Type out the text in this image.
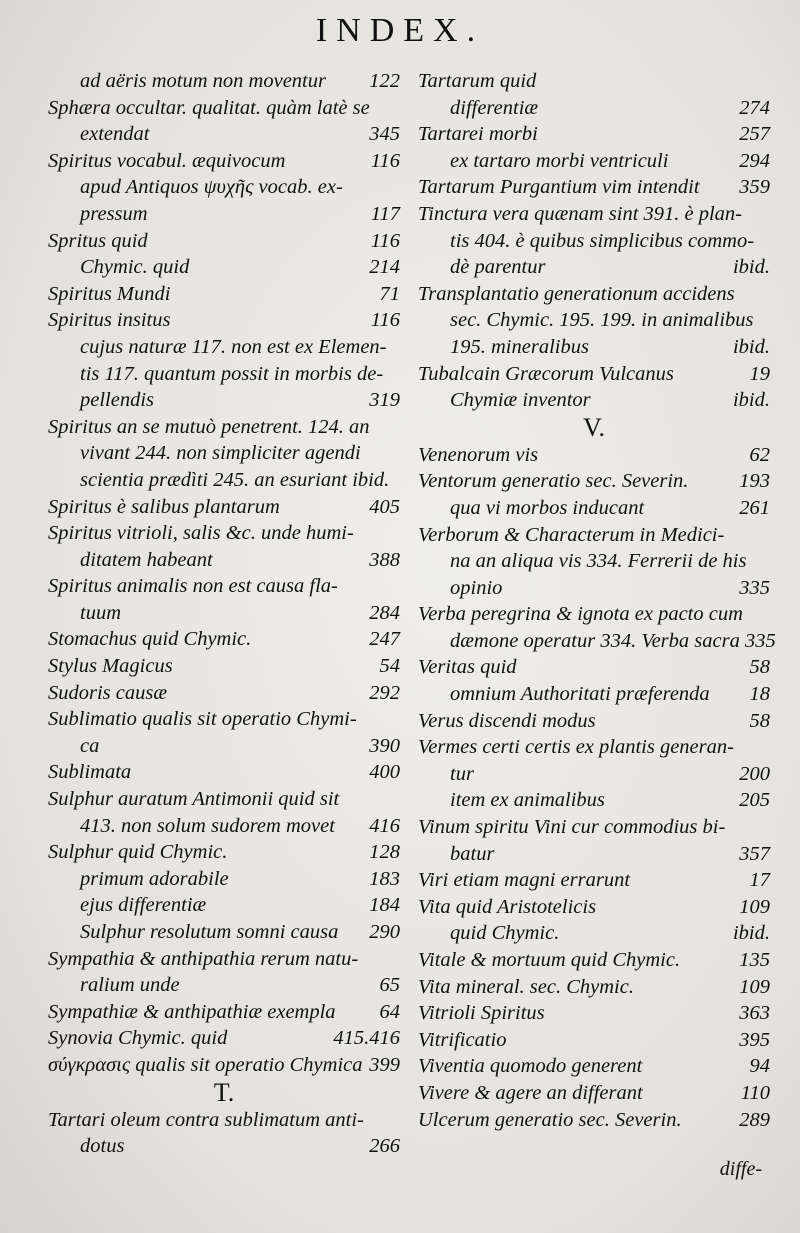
INDEX.
ad aëris motum non moventur 122
Sphæra occultar. qualitat. quàm latè se
extendat	345
Spiritus vocabul. æquivocum	116
apud Antiquos ψυχῆς vocab. ex-
pressum	117
Spritus quid	116
Chymic. quid	214
Spiritus Mundi	71
Spiritus insitus	116
cujus naturæ 117. non est ex Elemen-
tis 117. quantum possit in morbis de-
pellendis	319
Spiritus an se mutuò penetrent. 124. an
vivant 244. non simpliciter agendi
scientia prædìti 245. an esuriant ibid.
Spiritus è salibus plantarum	405
Spiritus vitrioli, salis &c. unde humi-
ditatem habeant	388
Spiritus animalis non est causa fla-
tuum	284
Stomachus quid Chymic.	247
Stylus Magicus	54
Sudoris causæ	292
Sublimatio qualis sit operatio Chymi-
ca	390
Sublimata	400
Sulphur auratum Antimonii quid sit
413. non solum sudorem movet 416
Sulphur quid Chymic.	128
primum adorabile	183
ejus differentiæ	184
Sulphur resolutum somni causa 290
Sympathia & anthipathia rerum natu-
ralium unde	65
Sympathiæ & anthipathiæ exempla 64
Synovia Chymic. quid	415.416
σύγκρασις qualis sit operatio Chymica 399
T.
Tartari oleum contra sublimatum anti-
dotus	266
Tartarum quid
differentiæ	274
Tartarei morbi	257
ex tartaro morbi ventriculi	294
Tartarum Purgantium vim intendit 359
Tinctura vera quænam sint 391. è plan-
tis 404. è quibus simplicibus commo-
dè parentur	ibid.
Transplantatio generationum accidens
sec. Chymic. 195. 199. in animalibus
195. mineralibus	ibid.
Tubalcain Græcorum Vulcanus	19
Chymiæ inventor	ibid.
V.
Venenorum vis	62
Ventorum generatio sec. Severin. 193
qua vi morbos inducant	261
Verborum & Characterum in Medici-
na an aliqua vis 334. Ferrerii de his
opinio	335
Verba peregrina & ignota ex pacto cum
dæmone operatur 334. Verba sacra 335
Veritas quid	58
omnium Authoritati præferenda 18
Verus discendi modus	58
Vermes certi certis ex plantis generan-
tur	200
item ex animalibus	205
Vinum spiritu Vini cur commodius bi-
batur	357
Viri etiam magni errarunt	17
Vita quid Aristotelicis	109
quid Chymic.	ibid.
Vitale & mortuum quid Chymic.	135
Vita mineral. sec. Chymic.	109
Vitrioli Spiritus	363
Vitrificatio	395
Viventia quomodo generent	94
Vivere & agere an differant	110
Ulcerum generatio sec. Severin.	289
diffe-
